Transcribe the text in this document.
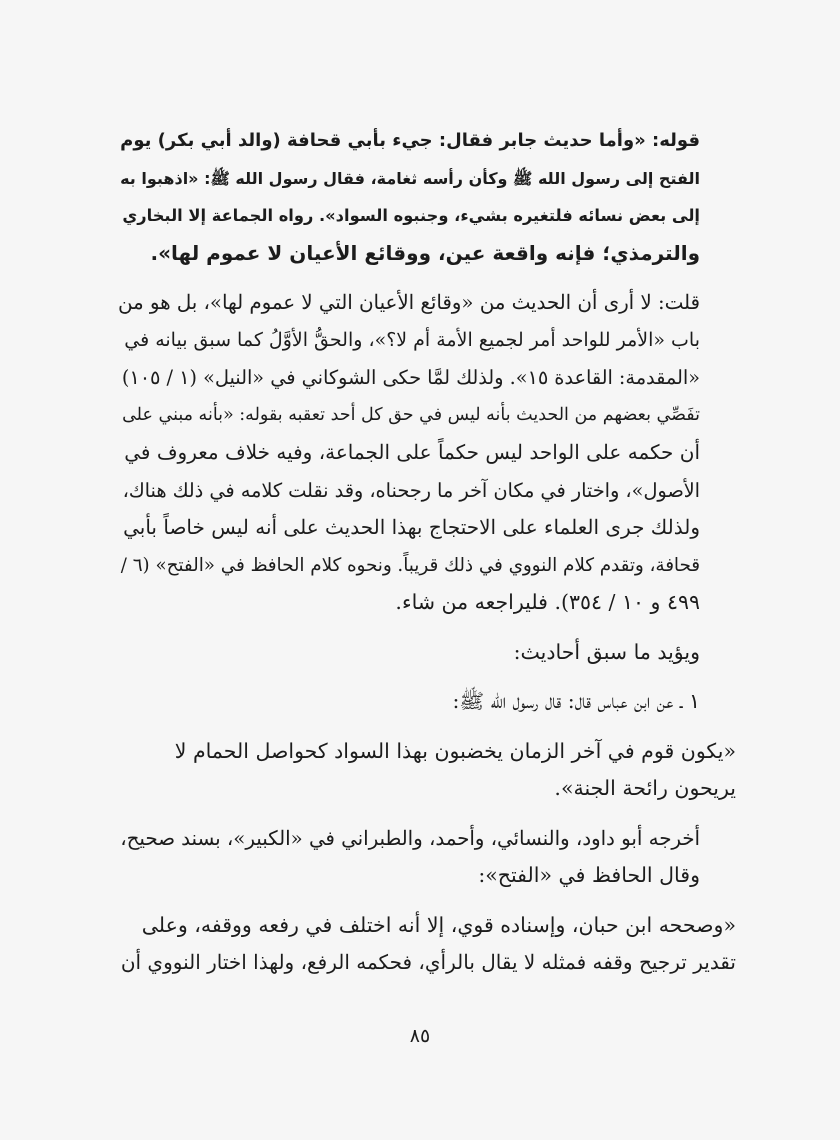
قوله: «وأما حديث جابر فقال: جيء بأبي قحافة (والد أبي بكر) يوم
الفتح إلى رسول الله ﷺ وكأن رأسه ثغامة، فقال رسول الله ﷺ: «اذهبوا به
إلى بعض نسائه فلتغيره بشيء، وجنبوه السواد». رواه الجماعة إلا البخاري
والترمذي؛ فإنه واقعة عين، ووقائع الأعيان لا عموم لها».

قلت: لا أرى أن الحديث من «وقائع الأعيان التي لا عموم لها»، بل هو من
باب «الأمر للواحد أمر لجميع الأمة أم لا؟»، والحقُّ الأوَّلُ كما سبق بيانه في
«المقدمة: القاعدة ١٥». ولذلك لمَّا حكى الشوكاني في «النيل» (١ / ١٠٥)
تفَصِّي بعضهم من الحديث بأنه ليس في حق كل أحد تعقبه بقوله: «بأنه مبني على
أن حكمه على الواحد ليس حكماً على الجماعة، وفيه خلاف معروف في
الأصول»، واختار في مكان آخر ما رجحناه، وقد نقلت كلامه في ذلك هناك،
ولذلك جرى العلماء على الاحتجاج بهذا الحديث على أنه ليس خاصاً بأبي
قحافة، وتقدم كلام النووي في ذلك قريباً. ونحوه كلام الحافظ في «الفتح» (٦ /
٤٩٩ و ١٠ / ٣٥٤). فليراجعه من شاء.

ويؤيد ما سبق أحاديث:

١ ـ عن ابن عباس قال: قال رسول الله ﷺ:

«يكون قوم في آخر الزمان يخضبون بهذا السواد كحواصل الحمام لا
يريحون رائحة الجنة».

أخرجه أبو داود، والنسائي، وأحمد، والطبراني في «الكبير»، بسند صحيح،
وقال الحافظ في «الفتح»:

«وصححه ابن حبان، وإسناده قوي، إلا أنه اختلف في رفعه ووقفه، وعلى
تقدير ترجيح وقفه فمثله لا يقال بالرأي، فحكمه الرفع، ولهذا اختار النووي أن

٨٥
